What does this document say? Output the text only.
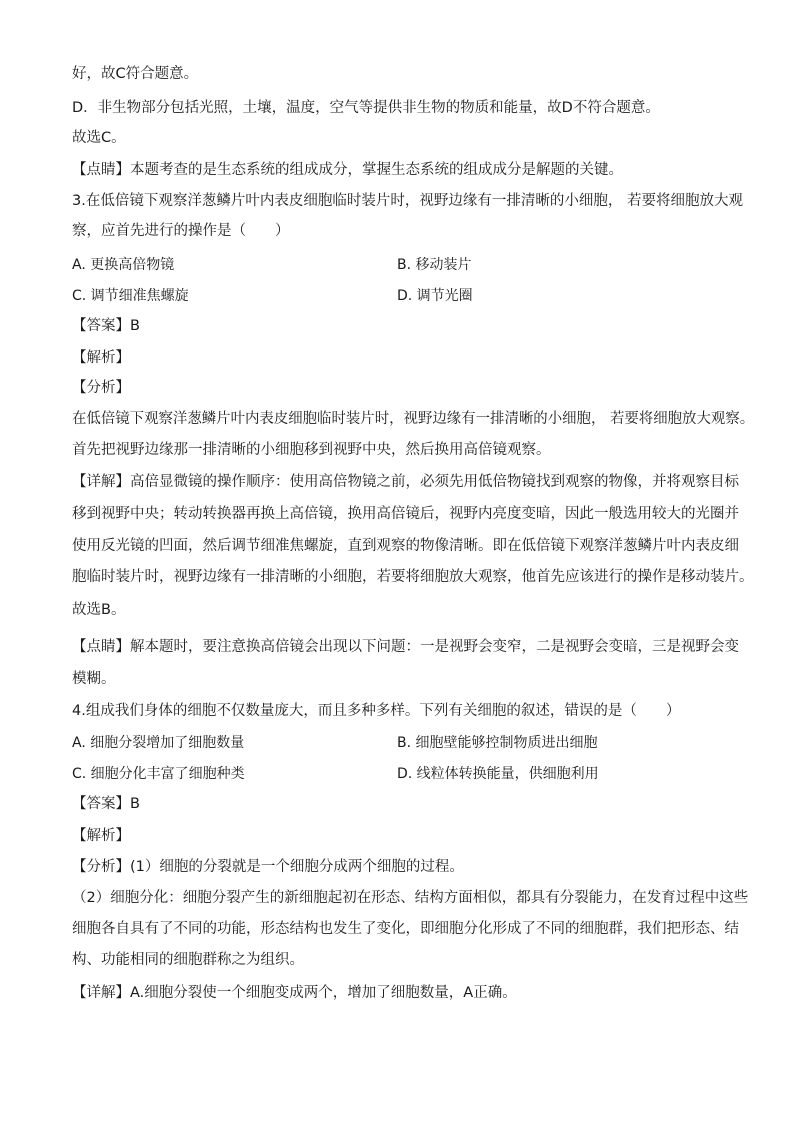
好，故C符合题意。
D．非生物部分包括光照，土壤，温度，空气等提供非生物的物质和能量，故D不符合题意。
故选C。
【点睛】本题考查的是生态系统的组成成分，掌握生态系统的组成成分是解题的关键。
3.在低倍镜下观察洋葱鳞片叶内表皮细胞临时装片时，视野边缘有一排清晰的小细胞， 若要将细胞放大观
察，应首先进行的操作是（　　）
A. 更换高倍物镜	B. 移动装片
C. 调节细准焦螺旋	D. 调节光圈
【答案】B
【解析】
【分析】
在低倍镜下观察洋葱鳞片叶内表皮细胞临时装片时，视野边缘有一排清晰的小细胞， 若要将细胞放大观察。
首先把视野边缘那一排清晰的小细胞移到视野中央，然后换用高倍镜观察。
【详解】高倍显微镜的操作顺序：使用高倍物镜之前，必须先用低倍物镜找到观察的物像，并将观察目标
移到视野中央；转动转换器再换上高倍镜，换用高倍镜后，视野内亮度变暗，因此一般选用较大的光圈并
使用反光镜的凹面，然后调节细准焦螺旋，直到观察的物像清晰。即在低倍镜下观察洋葱鳞片叶内表皮细
胞临时装片时，视野边缘有一排清晰的小细胞，若要将细胞放大观察，他首先应该进行的操作是移动装片。
故选B。
【点睛】解本题时，要注意换高倍镜会出现以下问题：一是视野会变窄，二是视野会变暗，三是视野会变
模糊。
4.组成我们身体的细胞不仅数量庞大，而且多种多样。下列有关细胞的叙述，错误的是（　　）
A. 细胞分裂增加了细胞数量	B. 细胞壁能够控制物质进出细胞
C. 细胞分化丰富了细胞种类	D. 线粒体转换能量，供细胞利用
【答案】B
【解析】
【分析】(1）细胞的分裂就是一个细胞分成两个细胞的过程。
（2）细胞分化：细胞分裂产生的新细胞起初在形态、结构方面相似，都具有分裂能力，在发育过程中这些
细胞各自具有了不同的功能，形态结构也发生了变化，即细胞分化形成了不同的细胞群，我们把形态、结
构、功能相同的细胞群称之为组织。
【详解】A.细胞分裂使一个细胞变成两个，增加了细胞数量，A正确。
